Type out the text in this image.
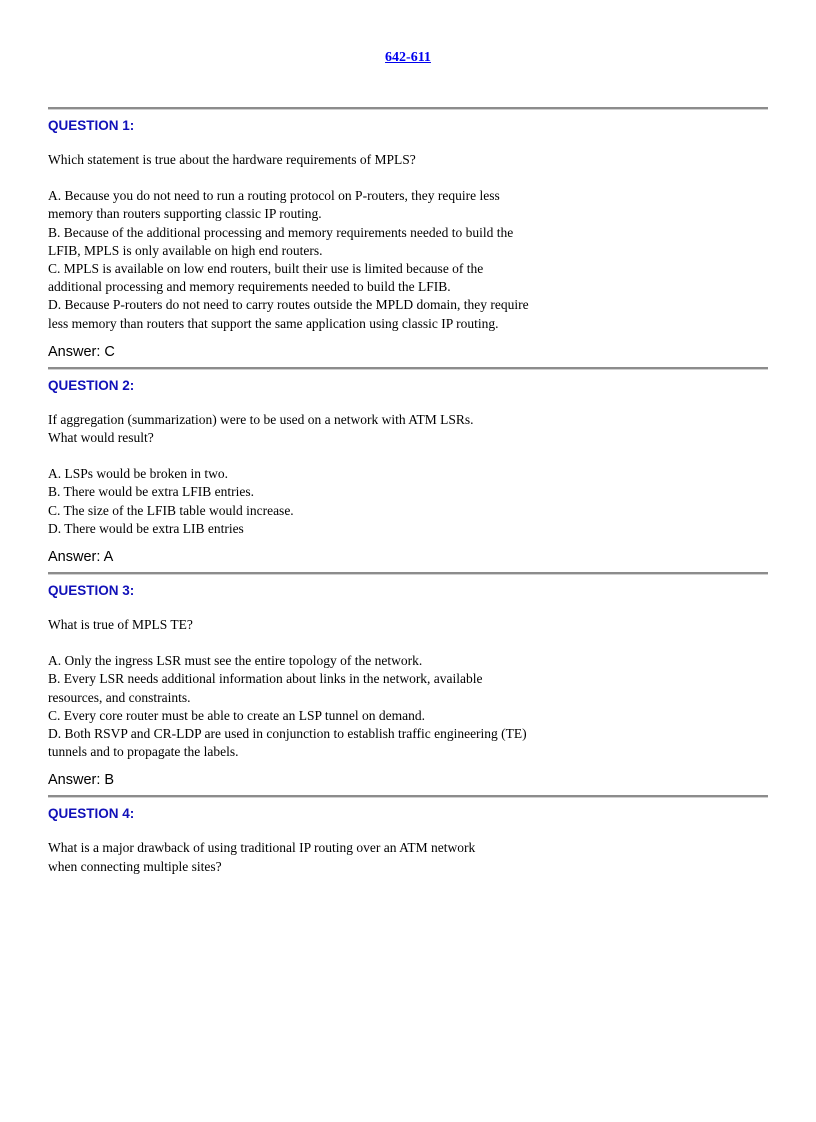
642-611
QUESTION 1:
Which statement is true about the hardware requirements of MPLS?
A. Because you do not need to run a routing protocol on P-routers, they require less
memory than routers supporting classic IP routing.
B. Because of the additional processing and memory requirements needed to build the
LFIB, MPLS is only available on high end routers.
C. MPLS is available on low end routers, built their use is limited because of the
additional processing and memory requirements needed to build the LFIB.
D. Because P-routers do not need to carry routes outside the MPLD domain, they require
less memory than routers that support the same application using classic IP routing.
Answer: C
QUESTION 2:
If aggregation (summarization) were to be used on a network with ATM LSRs.
What would result?
A. LSPs would be broken in two.
B. There would be extra LFIB entries.
C. The size of the LFIB table would increase.
D. There would be extra LIB entries
Answer: A
QUESTION 3:
What is true of MPLS TE?
A. Only the ingress LSR must see the entire topology of the network.
B. Every LSR needs additional information about links in the network, available
resources, and constraints.
C. Every core router must be able to create an LSP tunnel on demand.
D. Both RSVP and CR-LDP are used in conjunction to establish traffic engineering (TE)
tunnels and to propagate the labels.
Answer: B
QUESTION 4:
What is a major drawback of using traditional IP routing over an ATM network
when connecting multiple sites?
